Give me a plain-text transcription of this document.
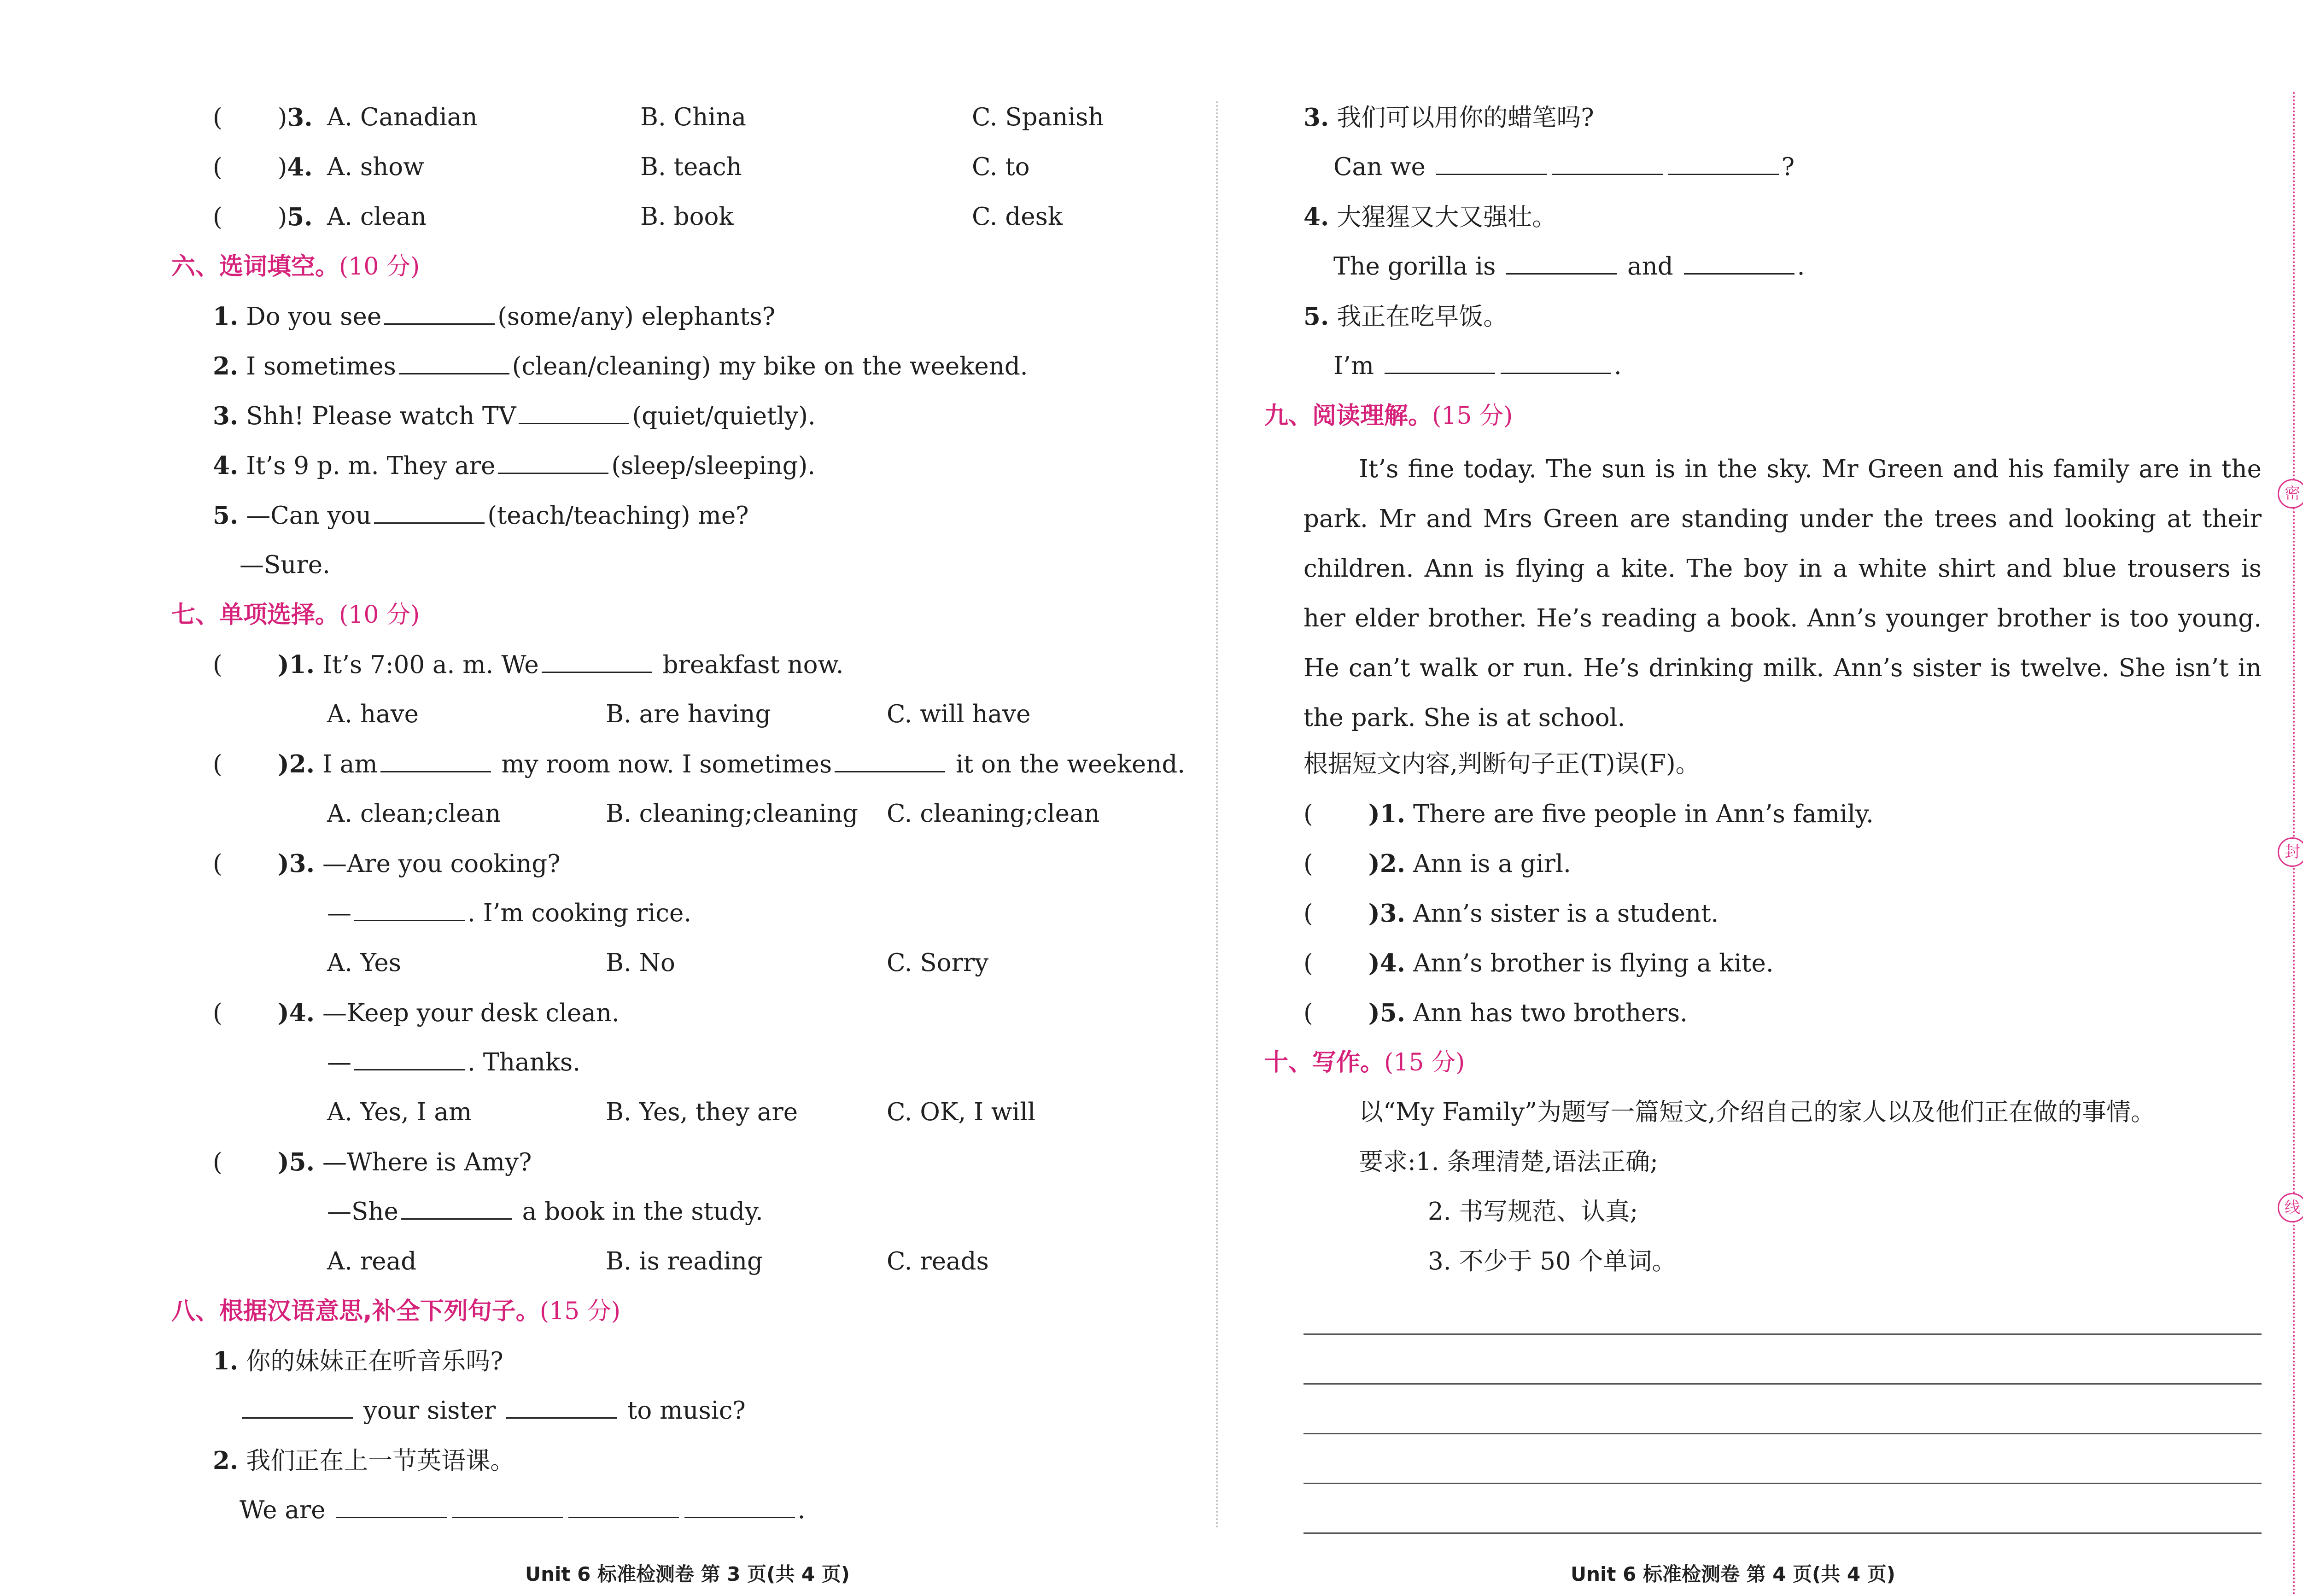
( )3. A. Canadian	B. China	C. Spanish
( )4. A. show	B. teach	C. to
( )5. A. clean	B. book	C. desk
六、选词填空。(10 分)
1. Do you see	(some/any) elephants?
2. I sometimes	(clean/cleaning) my bike on the weekend.
3. Shh! Please watch TV	(quiet/quietly).
4. It’s 9 p. m. They are	(sleep/sleeping).
5. —Can you	(teach/teaching) me?
—Sure.
七、单项选择。(10 分)
( )1. It’s 7:00 a. m. We	breakfast now.
A. have	B. are having	C. will have
( )2. I am	my room now. I sometimes	it on the weekend.
A. clean;clean	B. cleaning;cleaning C. cleaning;clean
( )3. —Are you cooking?
—	. I’m cooking rice.
A. Yes	B. No	C. Sorry
( )4. —Keep your desk clean.
—	. Thanks.
A. Yes, I am	B. Yes, they are	C. OK, I will
( )5. —Where is Amy?
—She	a book in the study.
A. read	B. is reading	C. reads
八、根据汉语意思,补全下列句子。(15 分)
1. 你的妹妹正在听音乐吗?
your sister	to music?
2. 我们正在上一节英语课。
We are	.
Unit 6 标准检测卷 第 3 页(共 4 页)
3. 我们可以用你的蜡笔吗?
Can we	?
4. 大猩猩又大又强壮。
The gorilla is	and	.
5. 我正在吃早饭。
I’m	.
九、阅读理解。(15 分)
It’s fine today. The sun is in the sky. Mr Green and his family are in the park. Mr and Mrs Green are standing under the trees and looking at their children. Ann is flying a kite. The boy in a white shirt and blue trousers is her elder brother. He’s reading a book. Ann’s younger brother is too young. He can’t walk or run. He’s drinking milk. Ann’s sister is twelve. She isn’t in the park. She is at school.
根据短文内容,判断句子正(T)误(F)。
( )1. There are five people in Ann’s family.
( )2. Ann is a girl.
( )3. Ann’s sister is a student.
( )4. Ann’s brother is flying a kite.
( )5. Ann has two brothers.
十、写作。(15 分)
以“My Family”为题写一篇短文,介绍自己的家人以及他们正在做的事情。
要求:1. 条理清楚,语法正确;
2. 书写规范、认真;
3. 不少于 50 个单词。
Unit 6 标准检测卷 第 4 页(共 4 页)
密
封
线
